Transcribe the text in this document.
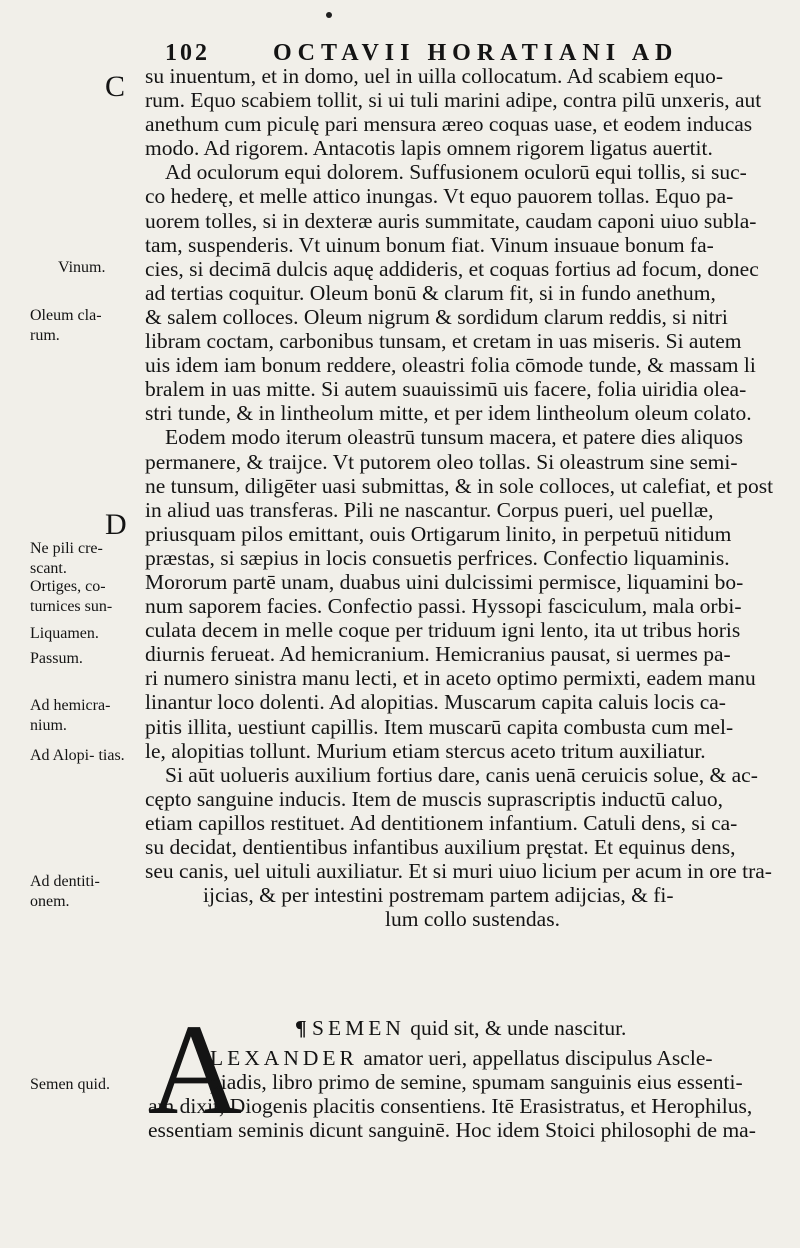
102	OCTAVII HORATIANI AD
C
D
Vinum.
Oleum cla- rum.
Ne pili cre- scant.
Ortiges, co- turnices sun-
Liquamen.
Passum.
Ad hemicra- nium.
Ad Alopi- tias.
Ad dentiti- onem.
Semen quid.
su inuentum, et in domo, uel in uilla collocatum. Ad scabiem equo-
rum. Equo scabiem tollit, si ui tuli marini adipe, contra pilū unxeris, aut
anethum cum piculę pari mensura æreo coquas uase, et eodem inducas
modo. Ad rigorem. Antacotis lapis omnem rigorem ligatus auertit.
Ad oculorum equi dolorem. Suffusionem oculorū equi tollis, si suc-
co hederę, et melle attico inungas. Vt equo pauorem tollas. Equo pa-
uorem tolles, si in dexteræ auris summitate, caudam caponi uiuo subla-
tam, suspenderis. Vt uinum bonum fiat. Vinum insuaue bonum fa-
cies, si decimā dulcis aquę addideris, et coquas fortius ad focum, donec
ad tertias coquitur. Oleum bonū & clarum fit, si in fundo anethum,
& salem colloces. Oleum nigrum & sordidum clarum reddis, si nitri
libram coctam, carbonibus tunsam, et cretam in uas miseris. Si autem
uis idem iam bonum reddere, oleastri folia cōmode tunde, & massam li
bralem in uas mitte. Si autem suauissimū uis facere, folia uiridia olea-
stri tunde, & in lintheolum mitte, et per idem lintheolum oleum colato.
Eodem modo iterum oleastrū tunsum macera, et patere dies aliquos
permanere, & traijce. Vt putorem oleo tollas. Si oleastrum sine semi-
ne tunsum, diligēter uasi submittas, & in sole colloces, ut calefiat, et post
in aliud uas transferas. Pili ne nascantur. Corpus pueri, uel puellæ,
priusquam pilos emittant, ouis Ortigarum linito, in perpetuū nitidum
præstas, si sæpius in locis consuetis perfrices. Confectio liquaminis.
Mororum partē unam, duabus uini dulcissimi permisce, liquamini bo-
num saporem facies. Confectio passi. Hyssopi fasciculum, mala orbi-
culata decem in melle coque per triduum igni lento, ita ut tribus horis
diurnis ferueat. Ad hemicranium. Hemicranius pausat, si uermes pa-
ri numero sinistra manu lecti, et in aceto optimo permixti, eadem manu
linantur loco dolenti. Ad alopitias. Muscarum capita caluis locis ca-
pitis illita, uestiunt capillis. Item muscarū capita combusta cum mel-
le, alopitias tollunt. Murium etiam stercus aceto tritum auxiliatur.
Si aūt uolueris auxilium fortius dare, canis uenā ceruicis solue, & ac-
cępto sanguine inducis. Item de muscis suprascriptis inductū caluo,
etiam capillos restituet. Ad dentitionem infantium. Catuli dens, si ca-
su decidat, dentientibus infantibus auxilium pręstat. Et equinus dens,
seu canis, uel uituli auxiliatur. Et si muri uiuo licium per acum in ore tra-
ijcias, & per intestini postremam partem adijcias, & fi-
lum collo sustendas.
¶ SEMEN quid sit, & unde nascitur.
A
LEXANDER amator ueri, appellatus discipulus Ascle-
piadis, libro primo de semine, spumam sanguinis eius essenti-
am dixit, Diogenis placitis consentiens. Itē Erasistratus, et Herophilus,
essentiam seminis dicunt sanguinē. Hoc idem Stoici philosophi de ma-
